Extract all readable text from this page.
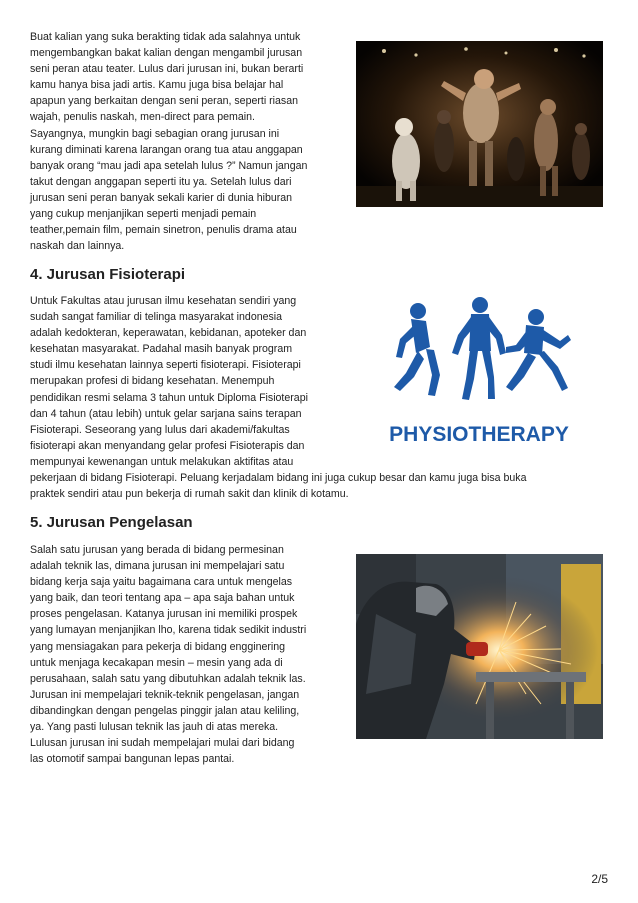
Buat kalian yang suka berakting tidak ada salahnya untuk
mengembangkan bakat kalian dengan mengambil jurusan
seni peran atau teater. Lulus dari jurusan ini, bukan berarti
kamu hanya bisa jadi artis. Kamu juga bisa belajar hal
apapun yang berkaitan dengan seni peran, seperti riasan
wajah, penulis naskah, men-direct para pemain.
Sayangnya, mungkin bagi sebagian orang jurusan ini
kurang diminati karena larangan orang tua atau anggapan
banyak orang “mau jadi apa setelah lulus ?” Namun jangan
takut dengan anggapan seperti itu ya. Setelah lulus dari
jurusan seni peran banyak sekali karier di dunia hiburan
yang cukup menjanjikan seperti menjadi pemain
teather,pemain film, pemain sinetron, penulis drama atau
naskah dan lainnya.
4. Jurusan Fisioterapi
Untuk Fakultas atau jurusan ilmu kesehatan sendiri yang
sudah sangat familiar di telinga masyarakat indonesia
adalah kedokteran, keperawatan, kebidanan, apoteker dan
kesehatan masyarakat. Padahal masih banyak program
studi ilmu kesehatan lainnya seperti fisioterapi. Fisioterapi
merupakan profesi di bidang kesehatan. Menempuh
pendidikan resmi selama 3 tahun untuk Diploma Fisioterapi
dan 4 tahun (atau lebih) untuk gelar sarjana sains terapan
Fisioterapi. Seseorang yang lulus dari akademi/fakultas
fisioterapi akan menyandang gelar profesi Fisioterapis dan
mempunyai kewenangan untuk melakukan aktifitas atau
pekerjaan di bidang Fisioterapi. Peluang kerjadalam bidang ini juga cukup besar dan kamu juga bisa buka
praktek sendiri atau pun bekerja di rumah sakit dan klinik di kotamu.
PHYSIOTHERAPY
5. Jurusan Pengelasan
Salah satu jurusan yang berada di bidang permesinan
adalah teknik las, dimana jurusan ini mempelajari satu
bidang kerja saja yaitu bagaimana cara untuk mengelas
yang baik, dan teori tentang apa – apa saja bahan untuk
proses pengelasan. Katanya jurusan ini memiliki prospek
yang lumayan menjanjikan lho, karena tidak sedikit industri
yang mensiagakan para pekerja di bidang engginering
untuk menjaga kecakapan mesin – mesin yang ada di
perusahaan, salah satu yang dibutuhkan adalah teknik las.
Jurusan ini mempelajari teknik-teknik pengelasan, jangan
dibandingkan dengan pengelas pinggir jalan atau keliling,
ya. Yang pasti lulusan teknik las jauh di atas mereka.
Lulusan jurusan ini sudah mempelajari mulai dari bidang
las otomotif sampai bangunan lepas pantai.
2/5
